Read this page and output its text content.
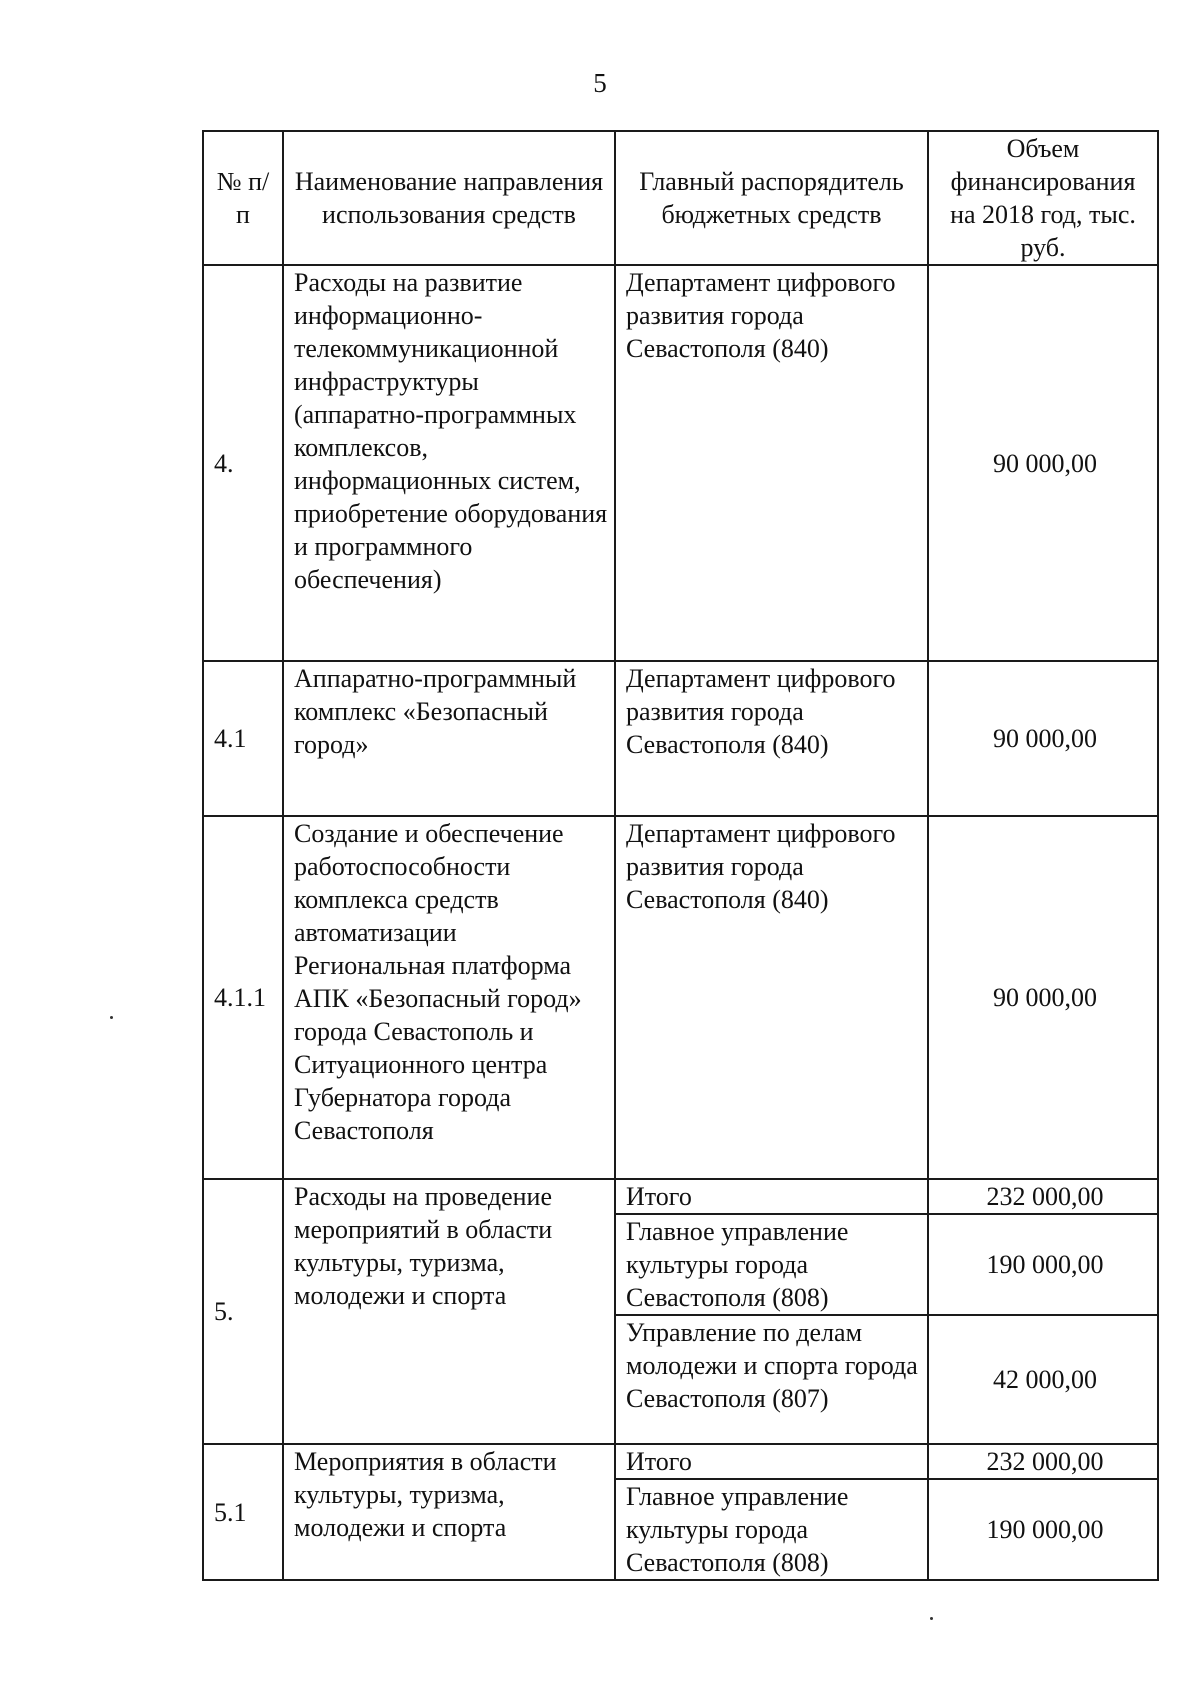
5
№ п/п	Наименование направления использования средств	Главный распорядитель бюджетных средств	Объем финансирования на 2018 год, тыс. руб.
4.	Расходы на развитие информационно-телекоммуникационной инфраструктуры (аппаратно-программных комплексов, информационных систем, приобретение оборудования и программного обеспечения)	Департамент цифрового развития города Севастополя (840)	90 000,00
4.1	Аппаратно-программный комплекс «Безопасный город»	Департамент цифрового развития города Севастополя (840)	90 000,00
4.1.1	Создание и обеспечение работоспособности комплекса средств автоматизации Региональная платформа АПК «Безопасный город» города Севастополь и Ситуационного центра Губернатора города Севастополя	Департамент цифрового развития города Севастополя (840)	90 000,00
5.	Расходы на проведение мероприятий в области культуры, туризма, молодежи и спорта	Итого	232 000,00
		Главное управление культуры города Севастополя (808)	190 000,00
		Управление по делам молодежи и спорта города Севастополя (807)	42 000,00
5.1	Мероприятия в области культуры, туризма, молодежи и спорта	Итого	232 000,00
		Главное управление культуры города Севастополя (808)	190 000,00
